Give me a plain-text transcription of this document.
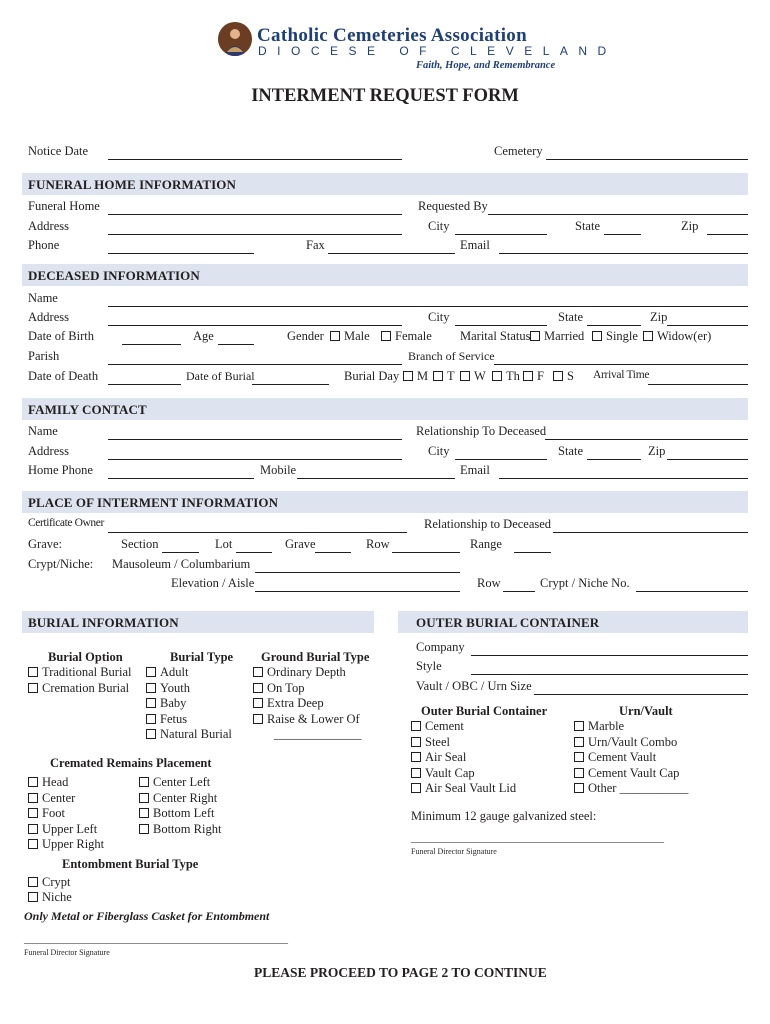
Catholic Cemeteries Association
DIOCESE OF CLEVELAND
Faith, Hope, and Remembrance
INTERMENT REQUEST FORM
Notice Date	Cemetery
FUNERAL HOME INFORMATION
Funeral Home	Requested By
Address	City	State	Zip
Phone	Fax	Email
DECEASED INFORMATION
Name
Address	City	State	Zip
Date of Birth	Age	Gender	Male	Female Marital Status	Married	Single	Widow(er)
Parish	Branch of Service
Date of Death	Date of Burial	Burial Day	M	T	W	Th	F	S Arrival Time
FAMILY CONTACT
Name	Relationship To Deceased
Address	City	State	Zip
Home Phone	Mobile	Email
PLACE OF INTERMENT INFORMATION
Certificate Owner	Relationship to Deceased
Grave:	Section	Lot	Grave	Row	Range
Crypt/Niche: Mausoleum / Columbarium
Elevation / Aisle	Row	Crypt / Niche No.
BURIAL INFORMATION
Burial Option
Traditional Burial
Cremation Burial
Burial Type
Adult
Youth
Baby
Fetus
Natural Burial
Ground Burial Type
Ordinary Depth
On Top
Extra Deep
Raise & Lower Of
______________
Cremated Remains Placement
Head
Center
Foot
Upper Left
Upper Right
Center Left
Center Right
Bottom Left
Bottom Right
Entombment Burial Type
Crypt
Niche
Only Metal or Fiberglass Casket for Entombment
________________________________________________
Funeral Director Signature
OUTER BURIAL CONTAINER
Company
Style
Vault / OBC / Urn Size
Outer Burial Container
Cement
Steel
Air Seal
Vault Cap
Air Seal Vault Lid
Urn/Vault
Marble
Urn/Vault Combo
Cement Vault
Cement Vault Cap
Other ___________
Minimum 12 gauge galvanized steel:
______________________________________________
Funeral Director Signature
PLEASE PROCEED TO PAGE 2 TO CONTINUE
